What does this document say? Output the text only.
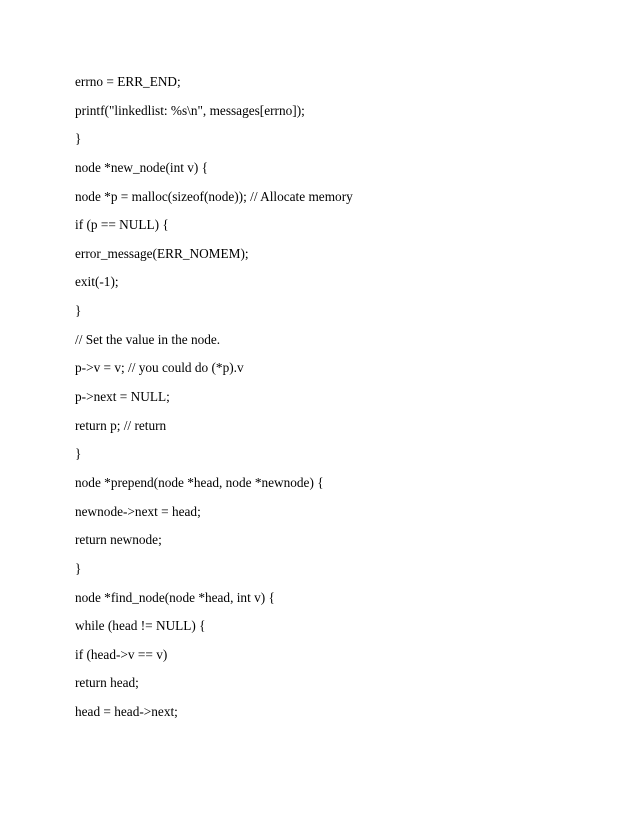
errno = ERR_END;
printf("linkedlist: %s\n", messages[errno]);
}
node *new_node(int v) {
node *p = malloc(sizeof(node)); // Allocate memory
if (p == NULL) {
error_message(ERR_NOMEM);
exit(-1);
}
// Set the value in the node.
p->v = v; // you could do (*p).v
p->next = NULL;
return p; // return
}
node *prepend(node *head, node *newnode) {
newnode->next = head;
return newnode;
}
node *find_node(node *head, int v) {
while (head != NULL) {
if (head->v == v)
return head;
head = head->next;
